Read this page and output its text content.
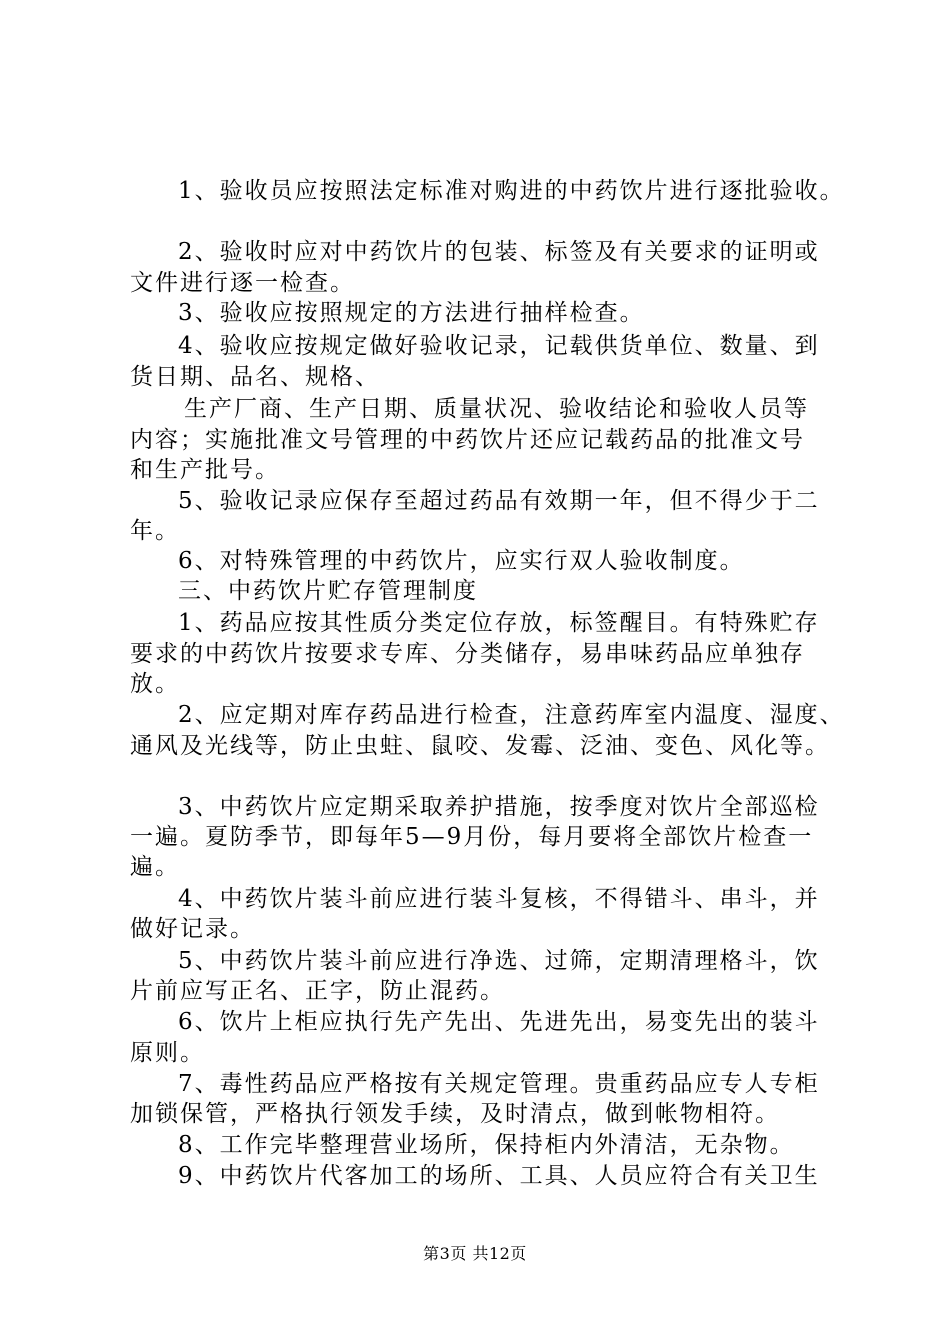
1、验收员应按照法定标准对购进的中药饮片进行逐批验收。
2、验收时应对中药饮片的包装、标签及有关要求的证明或
文件进行逐一检查。
3、验收应按照规定的方法进行抽样检查。
4、验收应按规定做好验收记录，记载供货单位、数量、到
货日期、品名、规格、
生产厂商、生产日期、质量状况、验收结论和验收人员等
内容；实施批准文号管理的中药饮片还应记载药品的批准文号
和生产批号。
5、验收记录应保存至超过药品有效期一年，但不得少于二
年。
6、对特殊管理的中药饮片，应实行双人验收制度。
三、中药饮片贮存管理制度
1、药品应按其性质分类定位存放，标签醒目。有特殊贮存
要求的中药饮片按要求专库、分类储存，易串味药品应单独存
放。
2、应定期对库存药品进行检查，注意药库室内温度、湿度、
通风及光线等，防止虫蛀、鼠咬、发霉、泛油、变色、风化等。
3、中药饮片应定期采取养护措施，按季度对饮片全部巡检
一遍。夏防季节，即每年5—9月份，每月要将全部饮片检查一
遍。
4、中药饮片装斗前应进行装斗复核，不得错斗、串斗，并
做好记录。
5、中药饮片装斗前应进行净选、过筛，定期清理格斗，饮
片前应写正名、正字，防止混药。
6、饮片上柜应执行先产先出、先进先出，易变先出的装斗
原则。
7、毒性药品应严格按有关规定管理。贵重药品应专人专柜
加锁保管，严格执行领发手续，及时清点，做到帐物相符。
8、工作完毕整理营业场所，保持柜内外清洁，无杂物。
9、中药饮片代客加工的场所、工具、人员应符合有关卫生
第3页 共12页
